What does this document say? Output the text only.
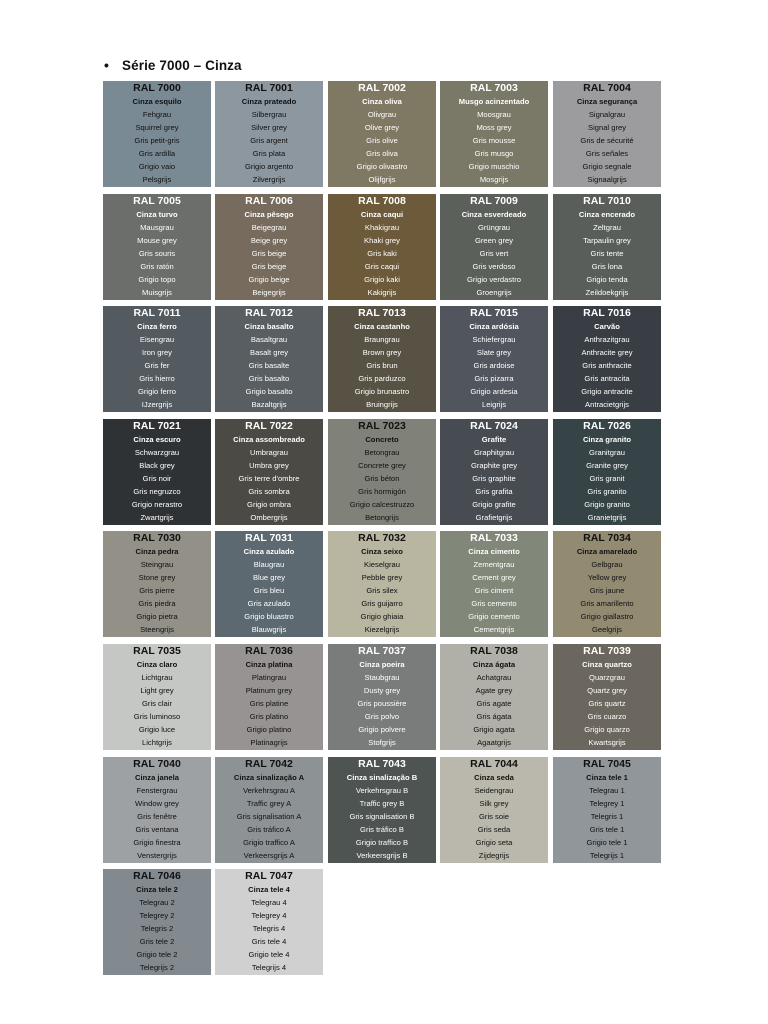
• Série 7000 – Cinza
RAL 7000
Cinza esquilo
Fehgrau
Squirrel grey
Gris petit-gris
Gris ardilla
Grigio vaio
Pelsgrijs
RAL 7001
Cinza prateado
Silbergrau
Silver grey
Gris argent
Gris plata
Grigio argento
Zilvergrijs
RAL 7002
Cinza oliva
Olivgrau
Olive grey
Gris olive
Gris oliva
Grigio olivastro
Olijfgrijs
RAL 7003
Musgo acinzentado
Moosgrau
Moss grey
Gris mousse
Gris musgo
Grigio muschio
Mosgrijs
RAL 7004
Cinza segurança
Signalgrau
Signal grey
Gris de sécurité
Gris señales
Grigio segnale
Signaalgrijs
RAL 7005
Cinza turvo
Mausgrau
Mouse grey
Gris souris
Gris ratón
Grigio topo
Muisgrijs
RAL 7006
Cinza pêsego
Beigegrau
Beige grey
Gris beige
Gris beige
Grigio beige
Beigegrijs
RAL 7008
Cinza caqui
Khakigrau
Khaki grey
Gris kaki
Gris caqui
Grigio kaki
Kakigrijs
RAL 7009
Cinza esverdeado
Grüngrau
Green grey
Gris vert
Gris verdoso
Grigio verdastro
Groengrijs
RAL 7010
Cinza encerado
Zeltgrau
Tarpaulin grey
Gris tente
Gris lona
Grigio tenda
Zeildoekgrijs
RAL 7011
Cinza ferro
Eisengrau
Iron grey
Gris fer
Gris hierro
Grigio ferro
IJzergrijs
RAL 7012
Cinza basalto
Basaltgrau
Basalt grey
Gris basalte
Gris basalto
Grigio basalto
Bazaltgrijs
RAL 7013
Cinza castanho
Braungrau
Brown grey
Gris brun
Gris parduzco
Grigio brunastro
Bruingrijs
RAL 7015
Cinza ardósia
Schiefergrau
Slate grey
Gris ardoise
Gris pizarra
Grigio ardesia
Leigrijs
RAL 7016
Carvão
Anthrazitgrau
Anthracite grey
Gris anthracite
Gris antracita
Grigio antracite
Antracietgrijs
RAL 7021
Cinza escuro
Schwarzgrau
Black grey
Gris noir
Gris negruzco
Grigio nerastro
Zwartgrijs
RAL 7022
Cinza assombreado
Umbragrau
Umbra grey
Gris terre d'ombre
Gris sombra
Grigio ombra
Ombergrijs
RAL 7023
Concreto
Betongrau
Concrete grey
Gris béton
Gris hormigón
Grigio calcestruzzo
Betongrijs
RAL 7024
Grafite
Graphitgrau
Graphite grey
Gris graphite
Gris grafita
Grigio grafite
Grafietgrijs
RAL 7026
Cinza granito
Granitgrau
Granite grey
Gris granit
Gris granito
Grigio granito
Granietgrijs
RAL 7030
Cinza pedra
Steingrau
Stone grey
Gris pierre
Gris piedra
Grigio pietra
Steengrijs
RAL 7031
Cinza azulado
Blaugrau
Blue grey
Gris bleu
Gris azulado
Grigio bluastro
Blauwgrijs
RAL 7032
Cinza seixo
Kieselgrau
Pebble grey
Gris silex
Gris guijarro
Grigio ghiaia
Kiezelgrijs
RAL 7033
Cinza cimento
Zementgrau
Cement grey
Gris ciment
Gris cemento
Grigio cemento
Cementgrijs
RAL 7034
Cinza amarelado
Gelbgrau
Yellow grey
Gris jaune
Gris amarillento
Grigio giallastro
Geelgrijs
RAL 7035
Cinza claro
Lichtgrau
Light grey
Gris clair
Gris luminoso
Grigio luce
Lichtgrijs
RAL 7036
Cinza platina
Platingrau
Platinum grey
Gris platine
Gris platino
Grigio platino
Platinagrijs
RAL 7037
Cinza poeira
Staubgrau
Dusty grey
Gris poussière
Gris polvo
Grigio polvere
Stofgrijs
RAL 7038
Cinza ágata
Achatgrau
Agate grey
Gris agate
Gris ágata
Grigio agata
Agaatgrijs
RAL 7039
Cinza quartzo
Quarzgrau
Quartz grey
Gris quartz
Gris cuarzo
Grigio quarzo
Kwartsgrijs
RAL 7040
Cinza janela
Fenstergrau
Window grey
Gris fenêtre
Gris ventana
Grigio finestra
Venstergrijs
RAL 7042
Cinza sinalização A
Verkehrsgrau A
Traffic grey A
Gris signalisation A
Gris tráfico A
Grigio traffico A
Verkeersgrijs A
RAL 7043
Cinza sinalização B
Verkehrsgrau B
Traffic grey B
Gris signalisation B
Gris tráfico B
Grigio traffico B
Verkeersgrijs B
RAL 7044
Cinza seda
Seidengrau
Silk grey
Gris soie
Gris seda
Grigio seta
Zijdegrijs
RAL 7045
Cinza tele 1
Telegrau 1
Telegrey 1
Telegris 1
Gris tele 1
Grigio tele 1
Telegrijs 1
RAL 7046
Cinza tele 2
Telegrau 2
Telegrey 2
Telegris 2
Gris tele 2
Grigio tele 2
Telegrijs 2
RAL 7047
Cinza tele 4
Telegrau 4
Telegrey 4
Telegris 4
Gris tele 4
Grigio tele 4
Telegrijs 4
